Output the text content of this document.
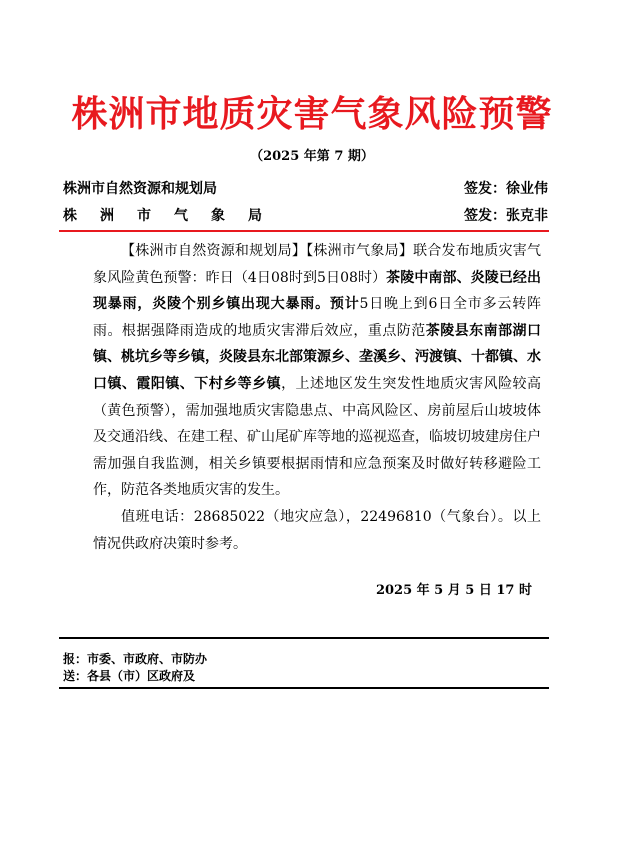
株洲市地质灾害气象风险预警
（2025 年第 7 期）
株洲市自然资源和规划局	签发：徐业伟
株洲市气象局	签发：张克非

【株洲市自然资源和规划局】【株洲市气象局】联合发布地质灾害气象风险黄色预警：昨日（4日08时到5日08时）茶陵中南部、炎陵已经出现暴雨，炎陵个别乡镇出现大暴雨。预计5日晚上到6日全市多云转阵雨。根据强降雨造成的地质灾害滞后效应，重点防范茶陵县东南部湖口镇、桃坑乡等乡镇，炎陵县东北部策源乡、垄溪乡、沔渡镇、十都镇、水口镇、霞阳镇、下村乡等乡镇，上述地区发生突发性地质灾害风险较高（黄色预警），需加强地质灾害隐患点、中高风险区、房前屋后山坡坡体及交通沿线、在建工程、矿山尾矿库等地的巡视巡查，临坡切坡建房住户需加强自我监测，相关乡镇要根据雨情和应急预案及时做好转移避险工作，防范各类地质灾害的发生。

值班电话：28685022（地灾应急），22496810（气象台）。以上情况供政府决策时参考。

2025 年 5 月 5 日 17 时
报：市委、市政府、市防办
送：各县（市）区政府及
